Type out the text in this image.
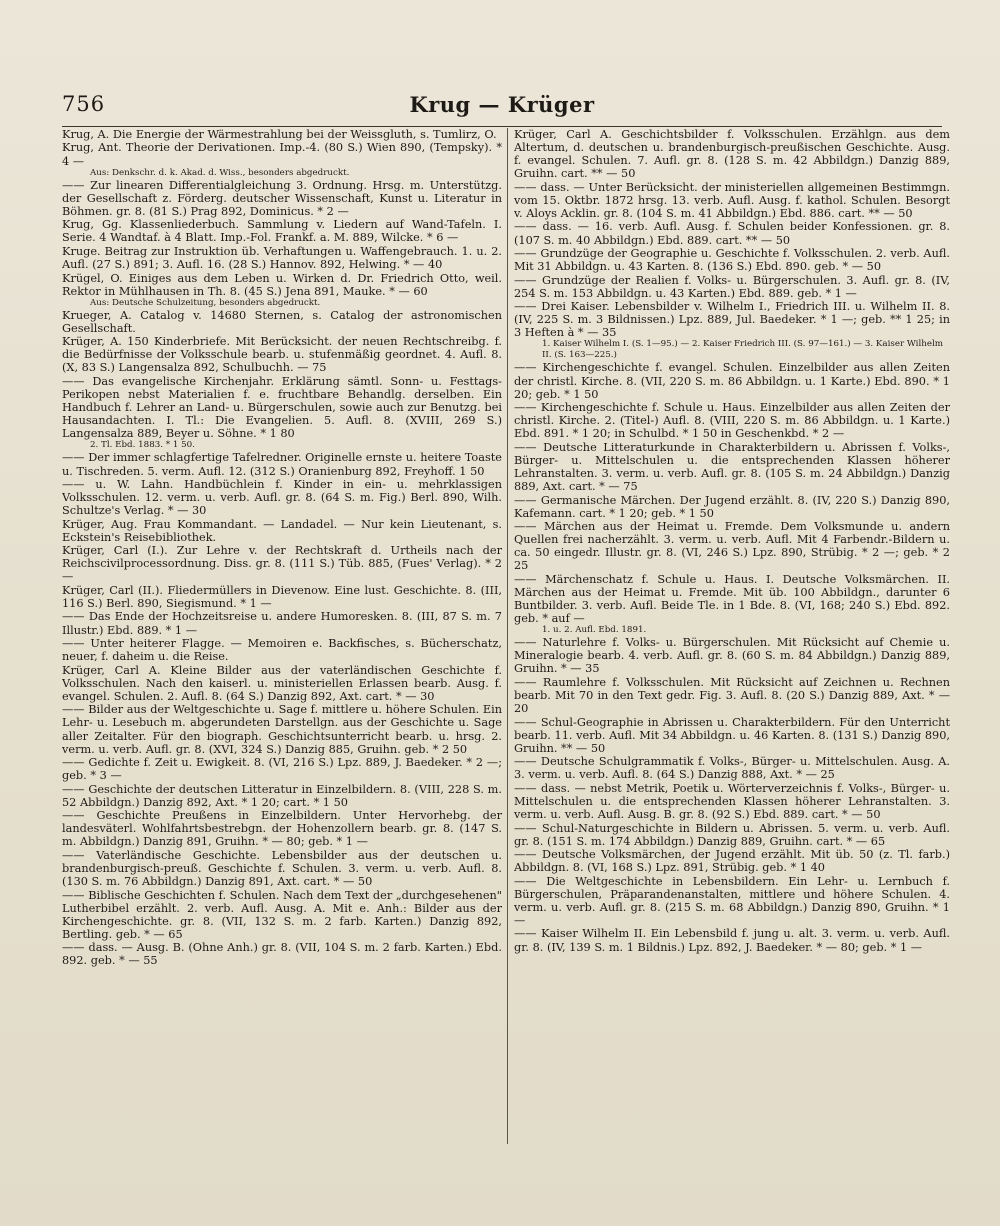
756	Krug — Krüger

Krug, A. Die Energie der Wärmestrahlung bei der Weissgluth, s. Tumlirz, O.

Krug, Ant. Theorie der Derivationen. Imp.-4. (80 S.) Wien 890, (Tempsky). * 4 —

Aus: Denkschr. d. k. Akad. d. Wiss., besonders abgedruckt.

—— Zur linearen Differentialgleichung 3. Ordnung. Hrsg. m. Unterstützg. der Gesellschaft z. Förderg. deutscher Wissenschaft, Kunst u. Literatur in Böhmen. gr. 8. (81 S.) Prag 892, Dominicus. * 2 —

Krug, Gg. Klassenliederbuch. Sammlung v. Liedern auf Wand-Tafeln. I. Serie. 4 Wandtaf. à 4 Blatt. Imp.-Fol. Frankf. a. M. 889, Wilcke. * 6 —

Kruge. Beitrag zur Instruktion üb. Verhaftungen u. Waffengebrauch. 1. u. 2. Aufl. (27 S.) 891; 3. Aufl. 16. (28 S.) Hannov. 892, Helwing. * — 40

Krügel, O. Einiges aus dem Leben u. Wirken d. Dr. Friedrich Otto, weil. Rektor in Mühlhausen in Th. 8. (45 S.) Jena 891, Mauke. * — 60

Aus: Deutsche Schulzeitung, besonders abgedruckt.

Krueger, A. Catalog v. 14680 Sternen, s. Catalog der astronomischen Gesellschaft.

Krüger, A. 150 Kinderbriefe. Mit Berücksicht. der neuen Rechtschreibg. f. die Bedürfnisse der Volksschule bearb. u. stufenmäßig geordnet. 4. Aufl. 8. (X, 83 S.) Langensalza 892, Schulbuchh. — 75

—— Das evangelische Kirchenjahr. Erklärung sämtl. Sonn- u. Festtags-Perikopen nebst Materialien f. e. fruchtbare Behandlg. derselben. Ein Handbuch f. Lehrer an Land- u. Bürgerschulen, sowie auch zur Benutzg. bei Hausandachten. I. Tl.: Die Evangelien. 5. Aufl. 8. (XVIII, 269 S.) Langensalza 889, Beyer u. Söhne. * 1 80

2. Tl. Ebd. 1883. * 1 50.

—— Der immer schlagfertige Tafelredner. Originelle ernste u. heitere Toaste u. Tischreden. 5. verm. Aufl. 12. (312 S.) Oranienburg 892, Freyhoff. 1 50

—— u. W. Lahn. Handbüchlein f. Kinder in ein- u. mehrklassigen Volksschulen. 12. verm. u. verb. Aufl. gr. 8. (64 S. m. Fig.) Berl. 890, Wilh. Schultze's Verlag. * — 30

Krüger, Aug. Frau Kommandant. — Landadel. — Nur kein Lieutenant, s. Eckstein's Reisebibliothek.

Krüger, Carl (I.). Zur Lehre v. der Rechtskraft d. Urtheils nach der Reichscivilprocessordnung. Diss. gr. 8. (111 S.) Tüb. 885, (Fues' Verlag). * 2 —

Krüger, Carl (II.). Fliedermüllers in Dievenow. Eine lust. Geschichte. 8. (III, 116 S.) Berl. 890, Siegismund. * 1 —

—— Das Ende der Hochzeitsreise u. andere Humoresken. 8. (III, 87 S. m. 7 Illustr.) Ebd. 889. * 1 —

—— Unter heiterer Flagge. — Memoiren e. Backfisches, s. Bücherschatz, neuer, f. daheim u. die Reise.

Krüger, Carl A. Kleine Bilder aus der vaterländischen Geschichte f. Volksschulen. Nach den kaiserl. u. ministeriellen Erlassen bearb. Ausg. f. evangel. Schulen. 2. Aufl. 8. (64 S.) Danzig 892, Axt. cart. * — 30

—— Bilder aus der Weltgeschichte u. Sage f. mittlere u. höhere Schulen. Ein Lehr- u. Lesebuch m. abgerundeten Darstellgn. aus der Geschichte u. Sage aller Zeitalter. Für den biograph. Geschichtsunterricht bearb. u. hrsg. 2. verm. u. verb. Aufl. gr. 8. (XVI, 324 S.) Danzig 885, Gruihn. geb. * 2 50

—— Gedichte f. Zeit u. Ewigkeit. 8. (VI, 216 S.) Lpz. 889, J. Baedeker. * 2 —; geb. * 3 —

—— Geschichte der deutschen Litteratur in Einzelbildern. 8. (VIII, 228 S. m. 52 Abbildgn.) Danzig 892, Axt. * 1 20; cart. * 1 50

—— Geschichte Preußens in Einzelbildern. Unter Hervorhebg. der landesväterl. Wohlfahrtsbestrebgn. der Hohenzollern bearb. gr. 8. (147 S. m. Abbildgn.) Danzig 891, Gruihn. * — 80; geb. * 1 —

—— Vaterländische Geschichte. Lebensbilder aus der deutschen u. brandenburgisch-preuß. Geschichte f. Schulen. 3. verm. u. verb. Aufl. 8. (130 S. m. 76 Abbildgn.) Danzig 891, Axt. cart. * — 50

—— Biblische Geschichten f. Schulen. Nach dem Text der „durchgesehenen" Lutherbibel erzählt. 2. verb. Aufl. Ausg. A. Mit e. Anh.: Bilder aus der Kirchengeschichte. gr. 8. (VII, 132 S. m. 2 farb. Karten.) Danzig 892, Bertling. geb. * — 65

—— dass. — Ausg. B. (Ohne Anh.) gr. 8. (VII, 104 S. m. 2 farb. Karten.) Ebd. 892. geb. * — 55

Krüger, Carl A. Geschichtsbilder f. Volksschulen. Erzählgn. aus dem Altertum, d. deutschen u. brandenburgisch-preußischen Geschichte. Ausg. f. evangel. Schulen. 7. Aufl. gr. 8. (128 S. m. 42 Abbildgn.) Danzig 889, Gruihn. cart. ** — 50

—— dass. — Unter Berücksicht. der ministeriellen allgemeinen Bestimmgn. vom 15. Oktbr. 1872 hrsg. 13. verb. Aufl. Ausg. f. kathol. Schulen. Besorgt v. Aloys Acklin. gr. 8. (104 S. m. 41 Abbildgn.) Ebd. 886. cart. ** — 50

—— dass. — 16. verb. Aufl. Ausg. f. Schulen beider Konfessionen. gr. 8. (107 S. m. 40 Abbildgn.) Ebd. 889. cart. ** — 50

—— Grundzüge der Geographie u. Geschichte f. Volksschulen. 2. verb. Aufl. Mit 31 Abbildgn. u. 43 Karten. 8. (136 S.) Ebd. 890. geb. * — 50

—— Grundzüge der Realien f. Volks- u. Bürgerschulen. 3. Aufl. gr. 8. (IV, 254 S. m. 153 Abbildgn. u. 43 Karten.) Ebd. 889. geb. * 1 —

—— Drei Kaiser. Lebensbilder v. Wilhelm I., Friedrich III. u. Wilhelm II. 8. (IV, 225 S. m. 3 Bildnissen.) Lpz. 889, Jul. Baedeker. * 1 —; geb. ** 1 25; in 3 Heften à * — 35

1. Kaiser Wilhelm I. (S. 1—95.) — 2. Kaiser Friedrich III. (S. 97—161.) — 3. Kaiser Wilhelm II. (S. 163—225.)

—— Kirchengeschichte f. evangel. Schulen. Einzelbilder aus allen Zeiten der christl. Kirche. 8. (VII, 220 S. m. 86 Abbildgn. u. 1 Karte.) Ebd. 890. * 1 20; geb. * 1 50

—— Kirchengeschichte f. Schule u. Haus. Einzelbilder aus allen Zeiten der christl. Kirche. 2. (Titel-) Aufl. 8. (VIII, 220 S. m. 86 Abbildgn. u. 1 Karte.) Ebd. 891. * 1 20; in Schulbd. * 1 50 in Geschenkbd. * 2 —

—— Deutsche Litteraturkunde in Charakterbildern u. Abrissen f. Volks-, Bürger- u. Mittelschulen u. die entsprechenden Klassen höherer Lehranstalten. 3. verm. u. verb. Aufl. gr. 8. (105 S. m. 24 Abbildgn.) Danzig 889, Axt. cart. * — 75

—— Germanische Märchen. Der Jugend erzählt. 8. (IV, 220 S.) Danzig 890, Kafemann. cart. * 1 20; geb. * 1 50

—— Märchen aus der Heimat u. Fremde. Dem Volksmunde u. andern Quellen frei nacherzählt. 3. verm. u. verb. Aufl. Mit 4 Farbendr.-Bildern u. ca. 50 eingedr. Illustr. gr. 8. (VI, 246 S.) Lpz. 890, Strübig. * 2 —; geb. * 2 25

—— Märchenschatz f. Schule u. Haus. I. Deutsche Volksmärchen. II. Märchen aus der Heimat u. Fremde. Mit üb. 100 Abbildgn., darunter 6 Buntbilder. 3. verb. Aufl. Beide Tle. in 1 Bde. 8. (VI, 168; 240 S.) Ebd. 892. geb. * auf —

1. u. 2. Aufl. Ebd. 1891.

—— Naturlehre f. Volks- u. Bürgerschulen. Mit Rücksicht auf Chemie u. Mineralogie bearb. 4. verb. Aufl. gr. 8. (60 S. m. 84 Abbildgn.) Danzig 889, Gruihn. * — 35

—— Raumlehre f. Volksschulen. Mit Rücksicht auf Zeichnen u. Rechnen bearb. Mit 70 in den Text gedr. Fig. 3. Aufl. 8. (20 S.) Danzig 889, Axt. * — 20

—— Schul-Geographie in Abrissen u. Charakterbildern. Für den Unterricht bearb. 11. verb. Aufl. Mit 34 Abbildgn. u. 46 Karten. 8. (131 S.) Danzig 890, Gruihn. ** — 50

—— Deutsche Schulgrammatik f. Volks-, Bürger- u. Mittelschulen. Ausg. A. 3. verm. u. verb. Aufl. 8. (64 S.) Danzig 888, Axt. * — 25

—— dass. — nebst Metrik, Poetik u. Wörterverzeichnis f. Volks-, Bürger- u. Mittelschulen u. die entsprechenden Klassen höherer Lehranstalten. 3. verm. u. verb. Aufl. Ausg. B. gr. 8. (92 S.) Ebd. 889. cart. * — 50

—— Schul-Naturgeschichte in Bildern u. Abrissen. 5. verm. u. verb. Aufl. gr. 8. (151 S. m. 174 Abbildgn.) Danzig 889, Gruihn. cart. * — 65

—— Deutsche Volksmärchen, der Jugend erzählt. Mit üb. 50 (z. Tl. farb.) Abbildgn. 8. (VI, 168 S.) Lpz. 891, Strübig. geb. * 1 40

—— Die Weltgeschichte in Lebensbildern. Ein Lehr- u. Lernbuch f. Bürgerschulen, Präparandenanstalten, mittlere und höhere Schulen. 4. verm. u. verb. Aufl. gr. 8. (215 S. m. 68 Abbildgn.) Danzig 890, Gruihn. * 1 —

—— Kaiser Wilhelm II. Ein Lebensbild f. jung u. alt. 3. verm. u. verb. Aufl. gr. 8. (IV, 139 S. m. 1 Bildnis.) Lpz. 892, J. Baedeker. * — 80; geb. * 1 —
